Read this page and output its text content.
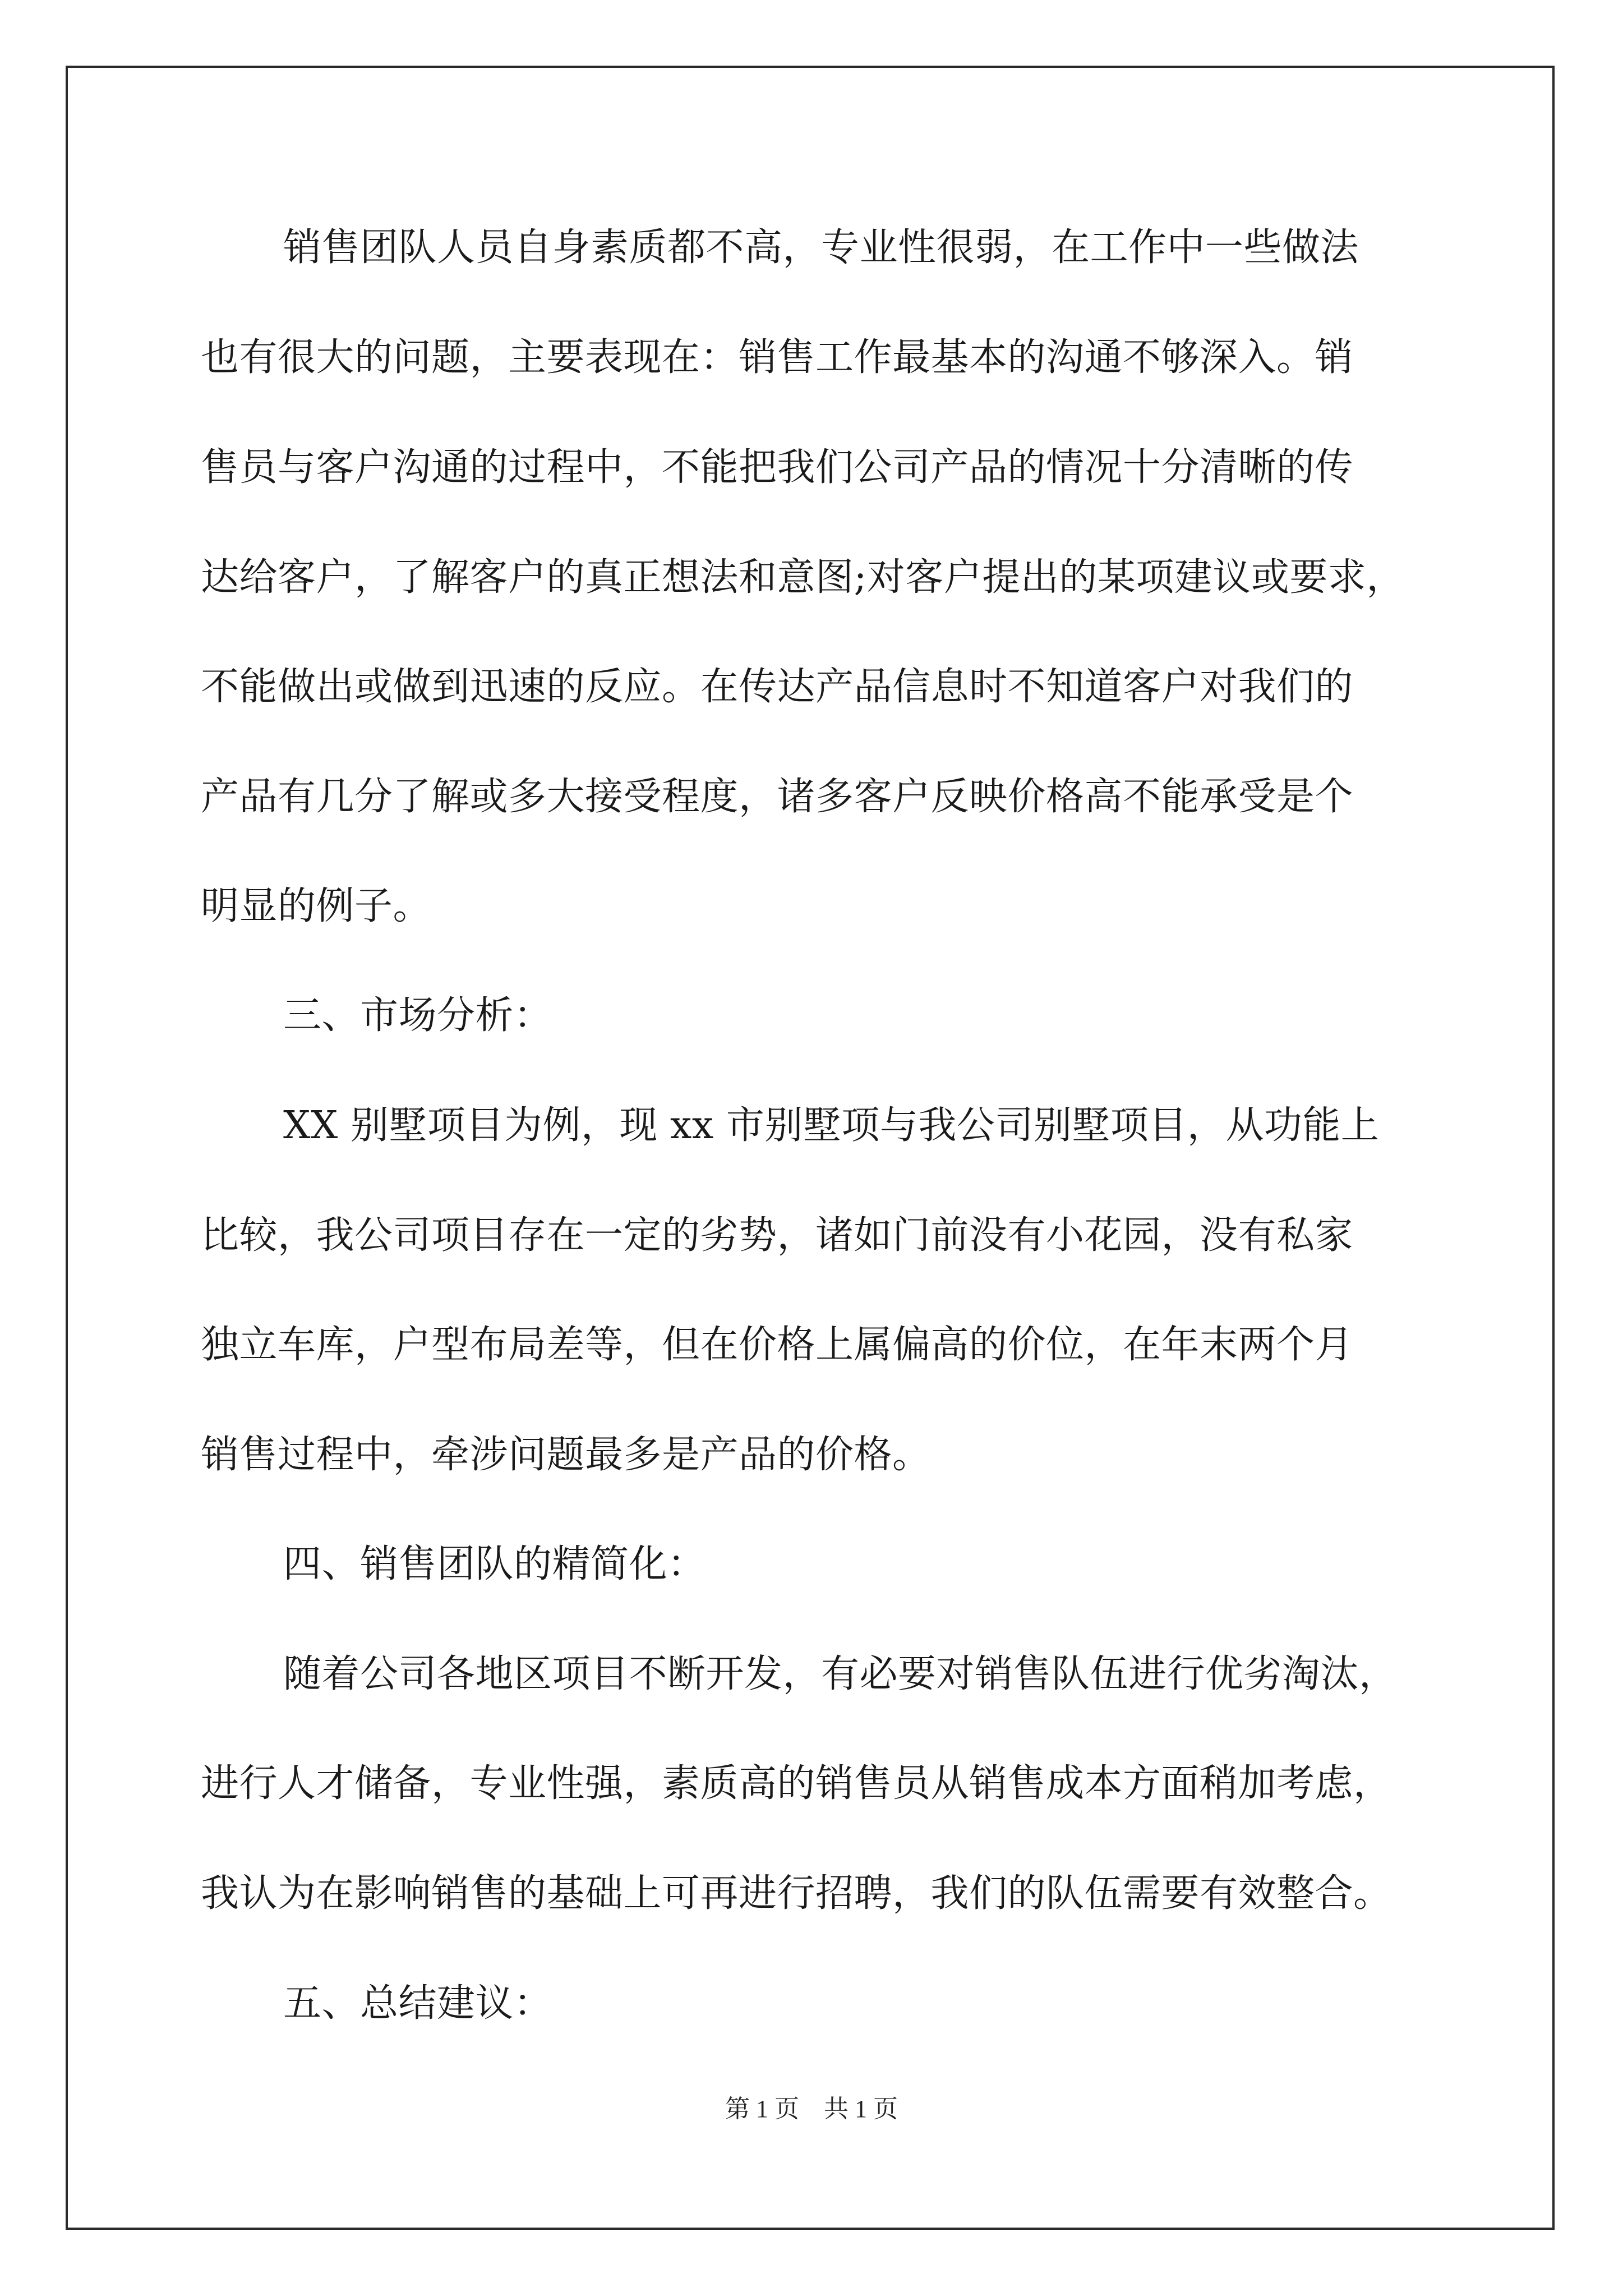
销售团队人员自身素质都不高，专业性很弱，在工作中一些做法

也有很大的问题，主要表现在：销售工作最基本的沟通不够深入。销

售员与客户沟通的过程中，不能把我们公司产品的情况十分清晰的传

达给客户，了解客户的真正想法和意图;对客户提出的某项建议或要求，

不能做出或做到迅速的反应。在传达产品信息时不知道客户对我们的

产品有几分了解或多大接受程度，诸多客户反映价格高不能承受是个

明显的例子。

三、市场分析：

XX 别墅项目为例，现 xx 市别墅项与我公司别墅项目，从功能上

比较，我公司项目存在一定的劣势，诸如门前没有小花园，没有私家

独立车库，户型布局差等，但在价格上属偏高的价位，在年末两个月

销售过程中，牵涉问题最多是产品的价格。

四、销售团队的精简化：

随着公司各地区项目不断开发，有必要对销售队伍进行优劣淘汰，

进行人才储备，专业性强，素质高的销售员从销售成本方面稍加考虑，

我认为在影响销售的基础上可再进行招聘，我们的队伍需要有效整合。

五、总结建议：

第 1 页　共 1 页
